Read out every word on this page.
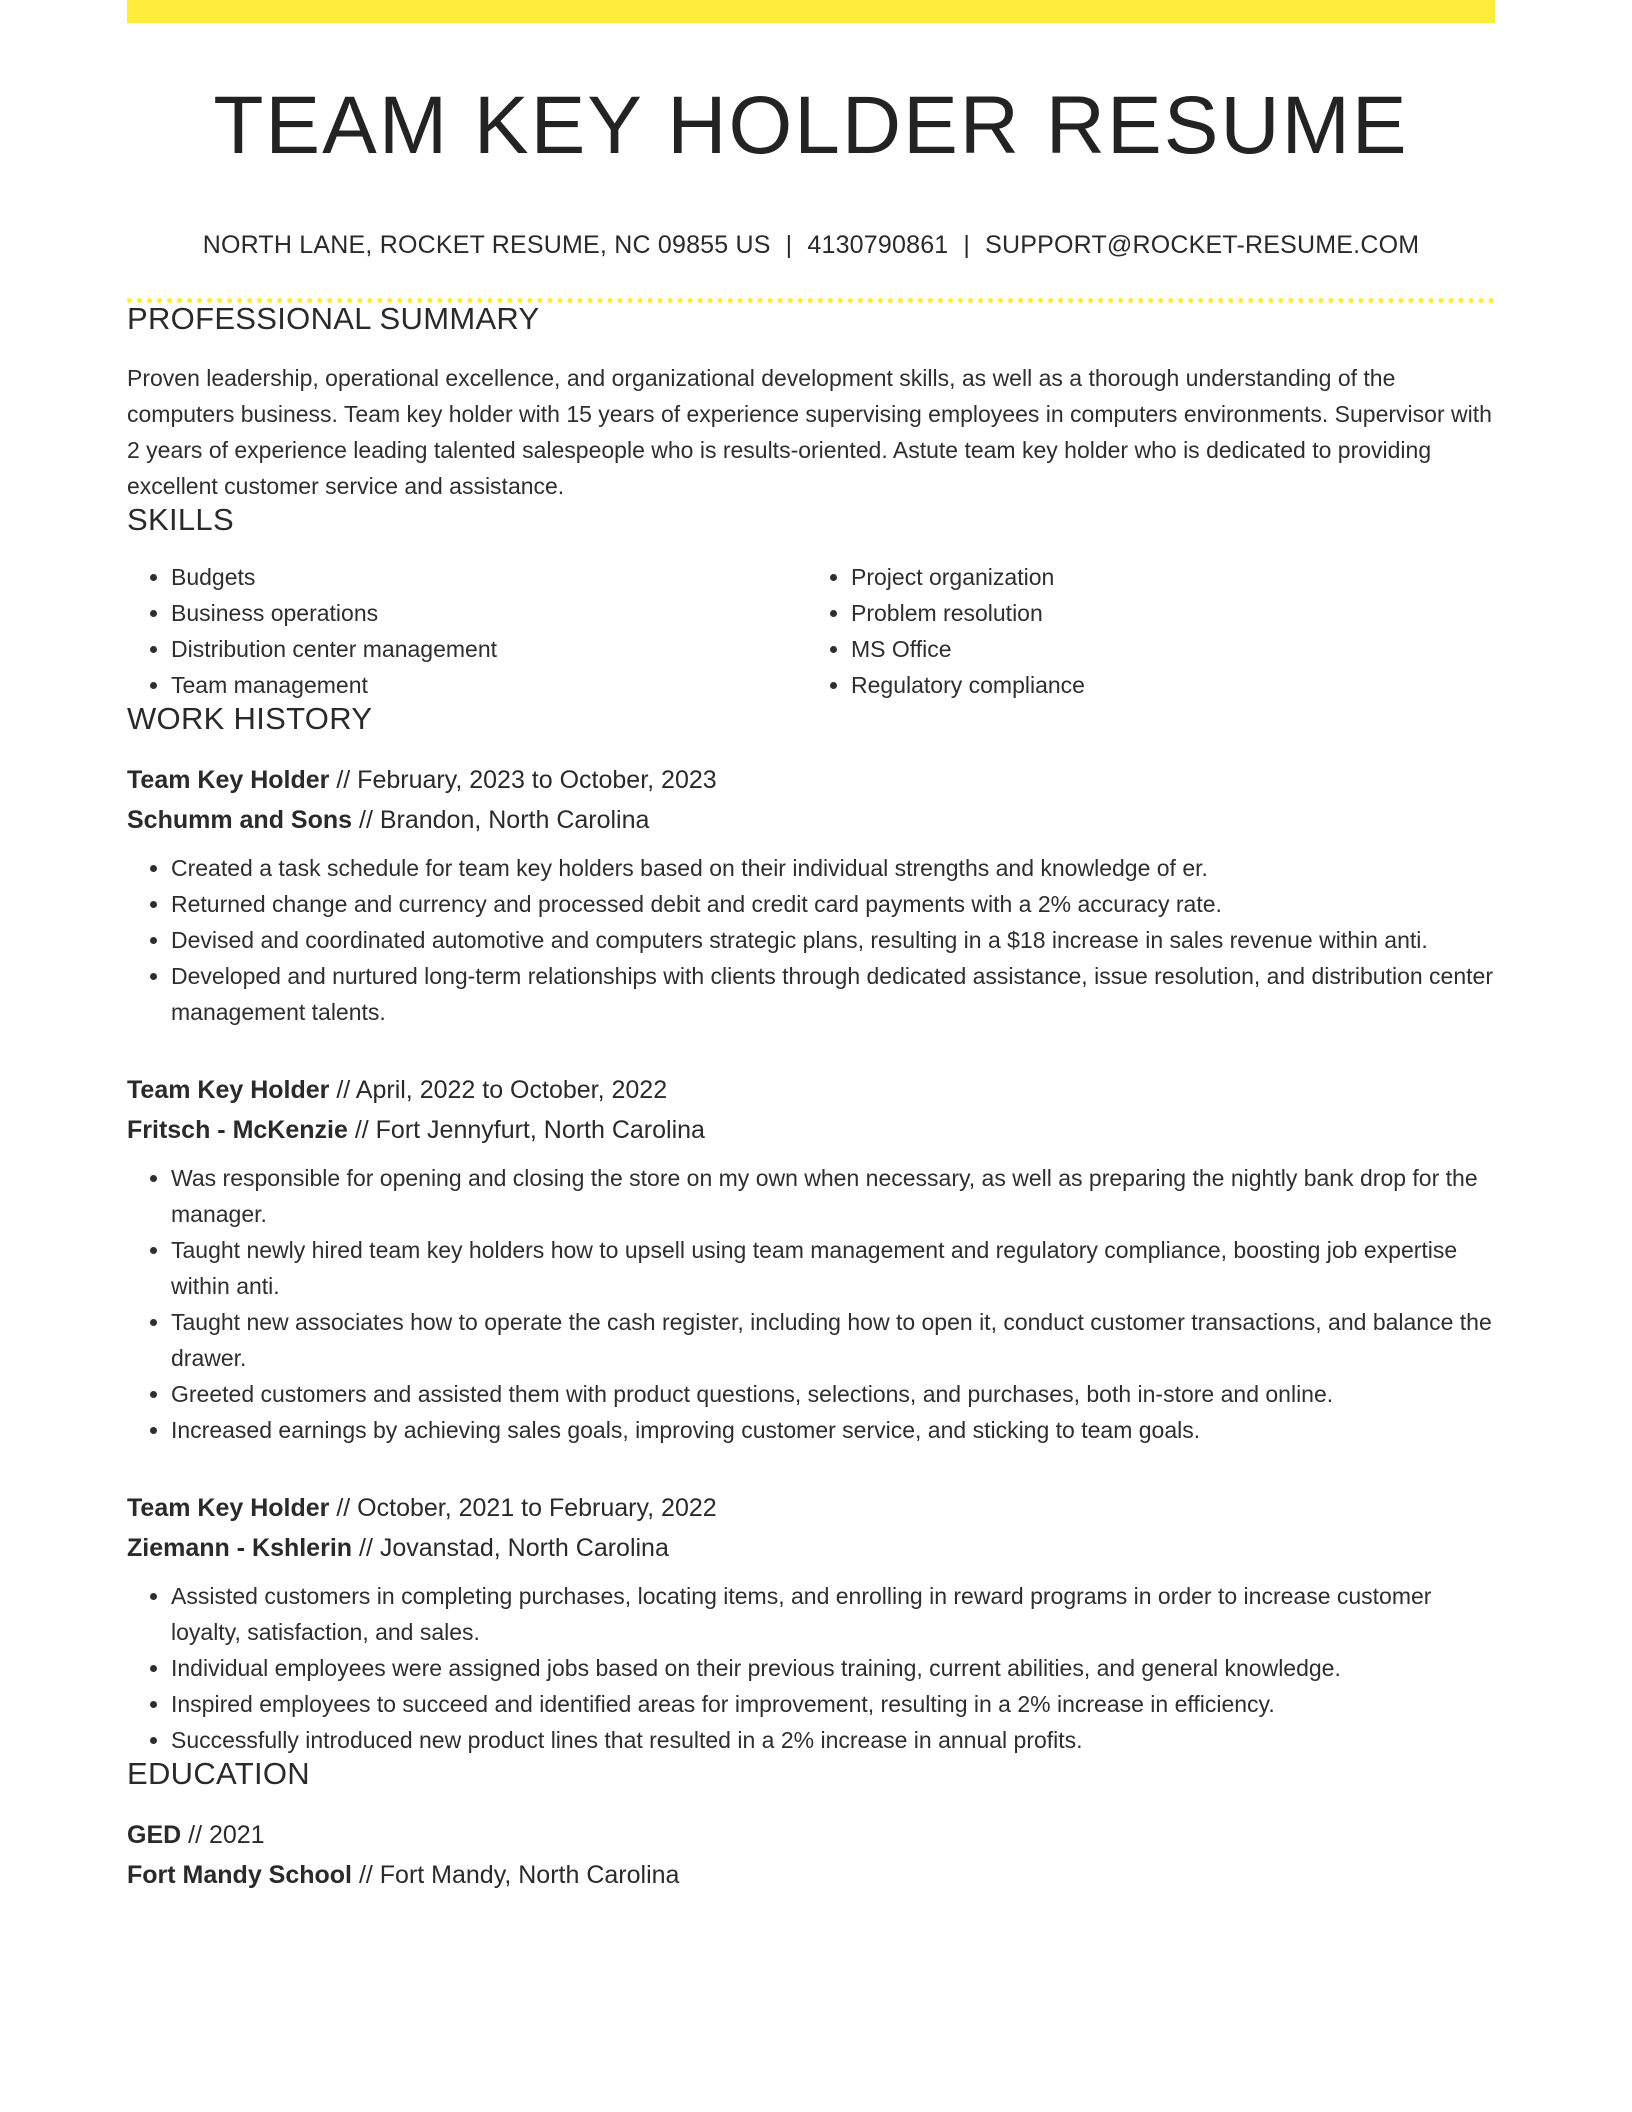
TEAM KEY HOLDER RESUME
NORTH LANE, ROCKET RESUME, NC 09855 US | 4130790861 | SUPPORT@ROCKET-RESUME.COM
PROFESSIONAL SUMMARY

Proven leadership, operational excellence, and organizational development skills, as well as a thorough understanding of the computers business. Team key holder with 15 years of experience supervising employees in computers environments. Supervisor with 2 years of experience leading talented salespeople who is results-oriented. Astute team key holder who is dedicated to providing excellent customer service and assistance.

SKILLS
• Budgets
• Business operations
• Distribution center management
• Team management
• Project organization
• Problem resolution
• MS Office
• Regulatory compliance
WORK HISTORY
Team Key Holder // February, 2023 to October, 2023
Schumm and Sons // Brandon, North Carolina
• Created a task schedule for team key holders based on their individual strengths and knowledge of er.
• Returned change and currency and processed debit and credit card payments with a 2% accuracy rate.
• Devised and coordinated automotive and computers strategic plans, resulting in a $18 increase in sales revenue within anti.
• Developed and nurtured long-term relationships with clients through dedicated assistance, issue resolution, and distribution center management talents.
Team Key Holder // April, 2022 to October, 2022
Fritsch - McKenzie // Fort Jennyfurt, North Carolina
• Was responsible for opening and closing the store on my own when necessary, as well as preparing the nightly bank drop for the manager.
• Taught newly hired team key holders how to upsell using team management and regulatory compliance, boosting job expertise within anti.
• Taught new associates how to operate the cash register, including how to open it, conduct customer transactions, and balance the drawer.
• Greeted customers and assisted them with product questions, selections, and purchases, both in-store and online.
• Increased earnings by achieving sales goals, improving customer service, and sticking to team goals.
Team Key Holder // October, 2021 to February, 2022
Ziemann - Kshlerin // Jovanstad, North Carolina
• Assisted customers in completing purchases, locating items, and enrolling in reward programs in order to increase customer loyalty, satisfaction, and sales.
• Individual employees were assigned jobs based on their previous training, current abilities, and general knowledge.
• Inspired employees to succeed and identified areas for improvement, resulting in a 2% increase in efficiency.
• Successfully introduced new product lines that resulted in a 2% increase in annual profits.
EDUCATION
GED // 2021
Fort Mandy School // Fort Mandy, North Carolina
